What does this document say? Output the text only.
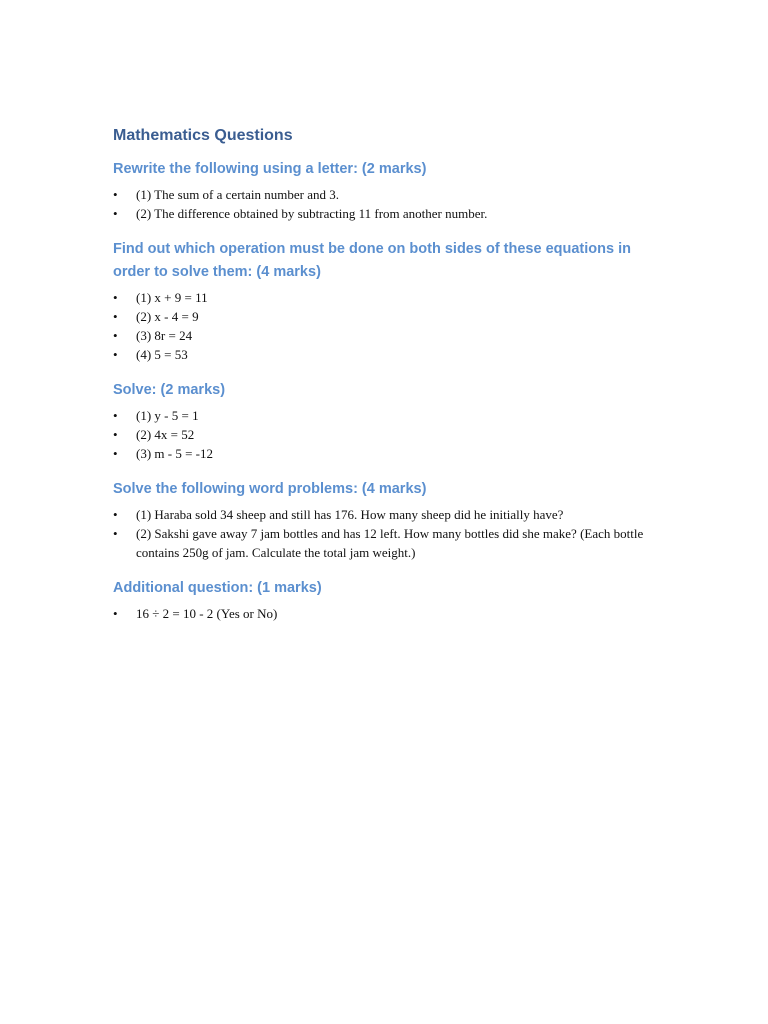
Mathematics Questions
Rewrite the following using a letter: (2 marks)
• (1) The sum of a certain number and 3.
• (2) The difference obtained by subtracting 11 from another number.
Find out which operation must be done on both sides of these equations in order to solve them: (4 marks)
• (1) x + 9 = 11
• (2) x - 4 = 9
• (3) 8r = 24
• (4) 5 = 53
Solve: (2 marks)
• (1) y - 5 = 1
• (2) 4x = 52
• (3) m - 5 = -12
Solve the following word problems: (4 marks)
• (1) Haraba sold 34 sheep and still has 176. How many sheep did he initially have?
• (2) Sakshi gave away 7 jam bottles and has 12 left. How many bottles did she make? (Each bottle contains 250g of jam. Calculate the total jam weight.)
Additional question: (1 marks)
• 16 ÷ 2 = 10 - 2 (Yes or No)
